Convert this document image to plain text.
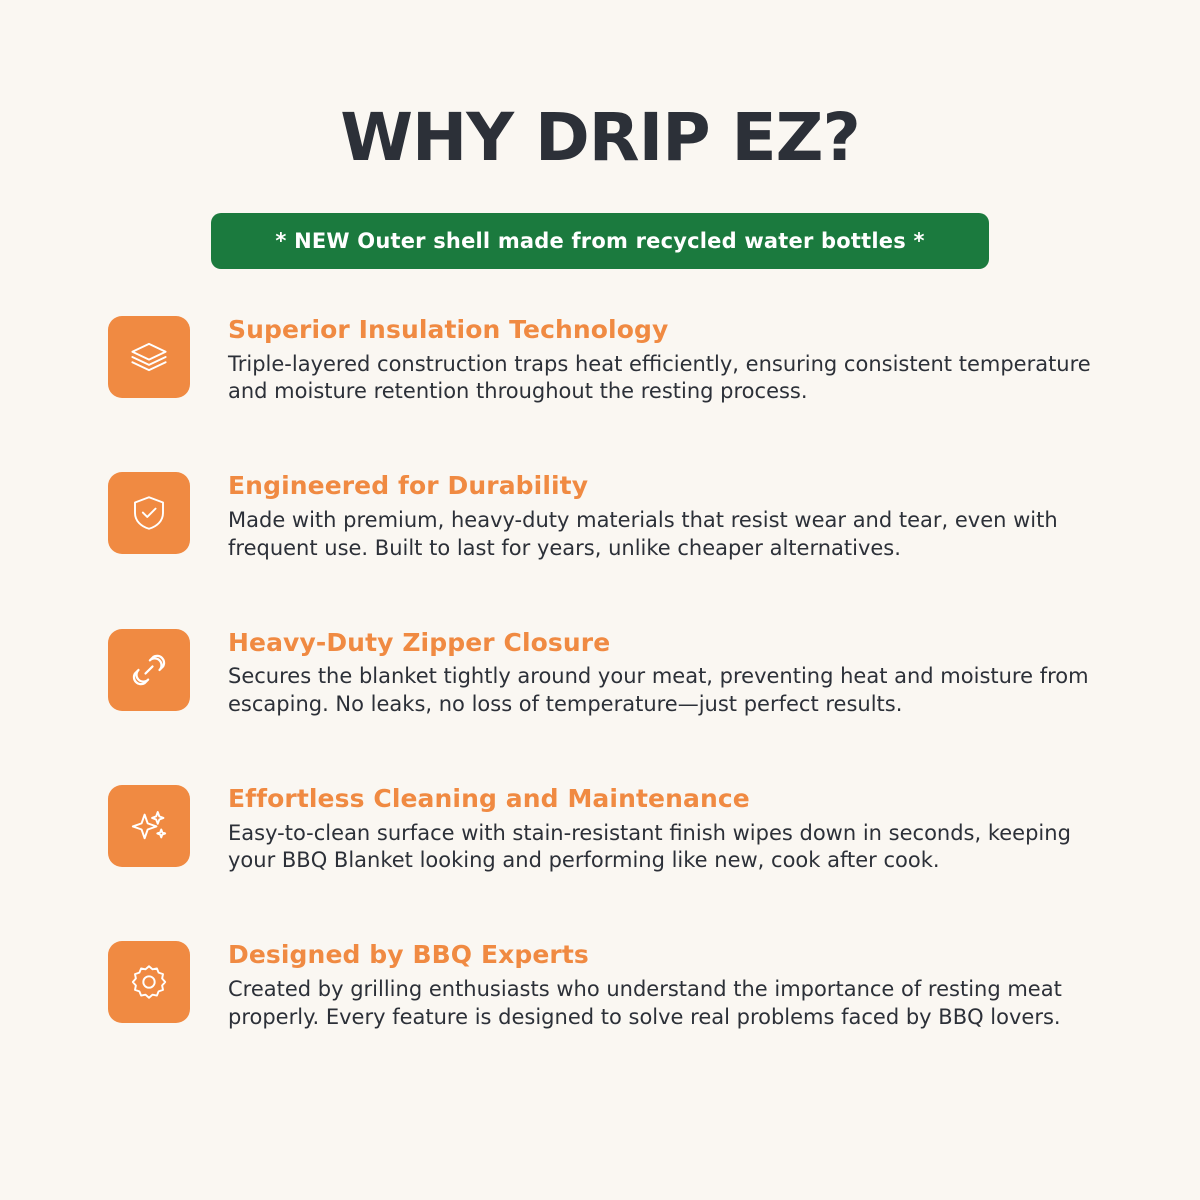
WHY DRIP EZ?
* NEW Outer shell made from recycled water bottles *

Superior Insulation Technology

Triple-layered construction traps heat efficiently, ensuring consistent temperature and moisture retention throughout the resting process.

Engineered for Durability

Made with premium, heavy-duty materials that resist wear and tear, even with frequent use. Built to last for years, unlike cheaper alternatives.

Heavy-Duty Zipper Closure

Secures the blanket tightly around your meat, preventing heat and moisture from escaping. No leaks, no loss of temperature—just perfect results.

Effortless Cleaning and Maintenance

Easy-to-clean surface with stain-resistant finish wipes down in seconds, keeping your BBQ Blanket looking and performing like new, cook after cook.

Designed by BBQ Experts

Created by grilling enthusiasts who understand the importance of resting meat properly. Every feature is designed to solve real problems faced by BBQ lovers.
